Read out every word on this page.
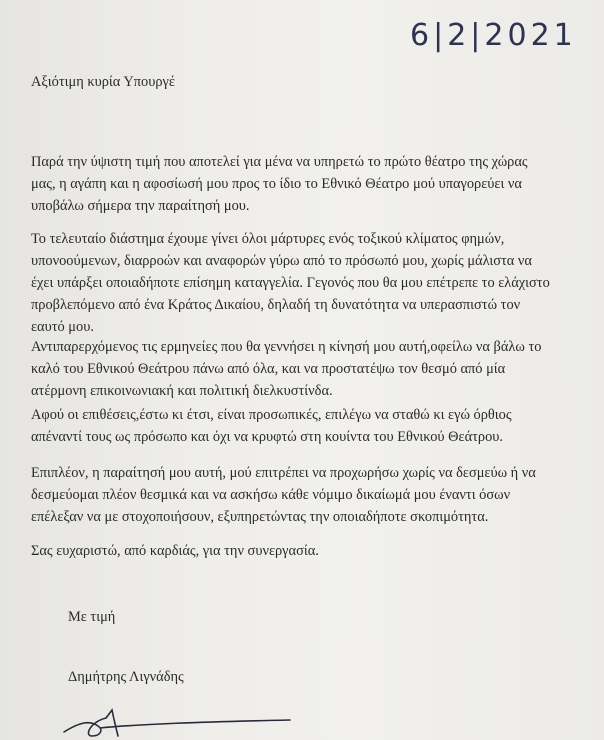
6|2|2021
Αξιότιμη κυρία Υπουργέ
Παρά την ύψιστη τιμή που αποτελεί για μένα να υπηρετώ το πρώτο θέατρο της χώρας
μας, η αγάπη και η αφοσίωσή μου προς το ίδιο το Εθνικό Θέατρο μού υπαγορεύει να
υποβάλω σήμερα την παραίτησή μου.
Το τελευταίο διάστημα έχουμε γίνει όλοι μάρτυρες ενός τοξικού κλίματος φημών,
υπονοούμενων, διαρροών και αναφορών γύρω από το πρόσωπό μου, χωρίς μάλιστα να
έχει υπάρξει οποιαδήποτε επίσημη καταγγελία. Γεγονός που θα μου επέτρεπε το ελάχιστο
προβλεπόμενο από ένα Κράτος Δικαίου, δηλαδή τη δυνατότητα να υπερασπιστώ τον
εαυτό μου.
Αντιπαρερχόμενος τις ερμηνείες που θα γεννήσει η κίνησή μου αυτή,οφείλω να βάλω το
καλό του Εθνικού Θεάτρου πάνω από όλα, και να προστατέψω τον θεσμό από μία
ατέρμονη επικοινωνιακή και πολιτική διελκυστίνδα.
Αφού οι επιθέσεις,έστω κι έτσι, είναι προσωπικές, επιλέγω να σταθώ κι εγώ όρθιος
απέναντί τους ως πρόσωπο και όχι να κρυφτώ στη κουίντα του Εθνικού Θεάτρου.
Επιπλέον, η παραίτησή μου αυτή, μού επιτρέπει να προχωρήσω χωρίς να δεσμεύω ή να
δεσμεύομαι πλέον θεσμικά και να ασκήσω κάθε νόμιμο δικαίωμά μου έναντι όσων
επέλεξαν να με στοχοποιήσουν, εξυπηρετώντας την οποιαδήποτε σκοπιμότητα.
Σας ευχαριστώ, από καρδιάς, για την συνεργασία.
Με τιμή
Δημήτρης Λιγνάδης
